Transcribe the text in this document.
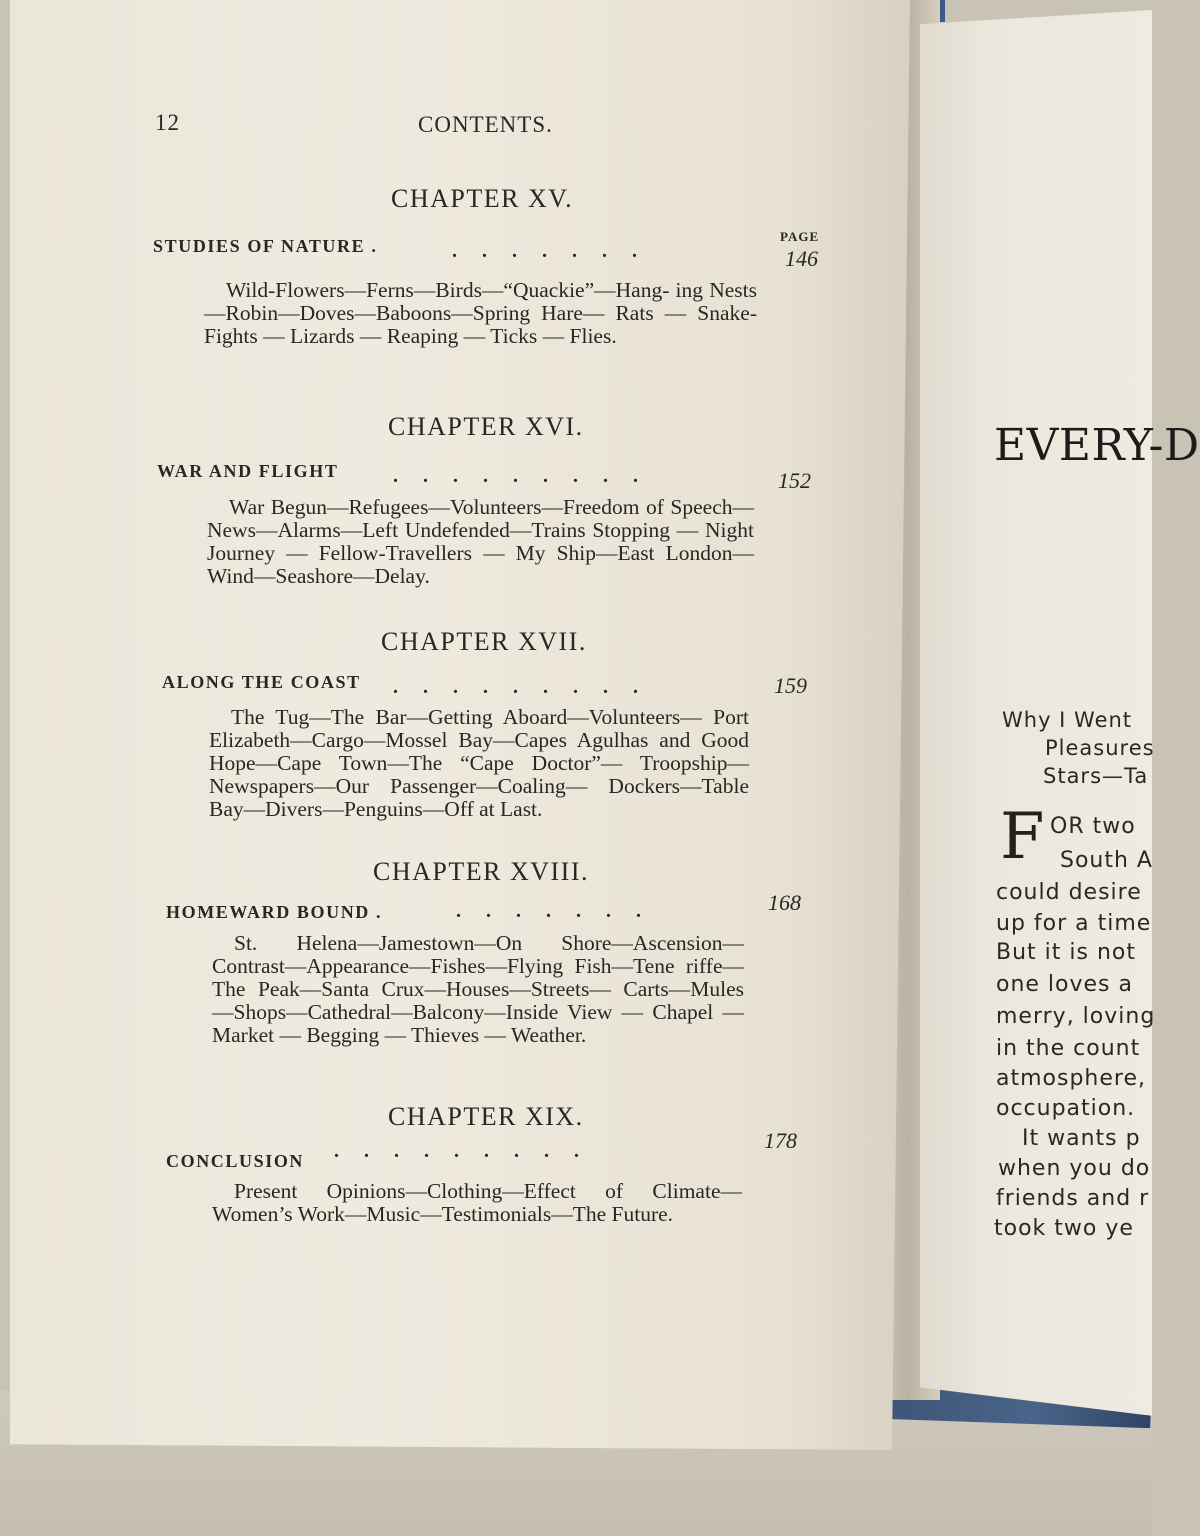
12	CONTENTS.
CHAPTER XV.
PAGE
STUDIES OF NATURE .	.......	146
Wild-Flowers—Ferns—Birds—“Quackie”—Hang- ing Nests—Robin—Doves—Baboons—Spring Hare— Rats — Snake-Fights — Lizards — Reaping — Ticks — Flies.
CHAPTER XVI.
WAR AND FLIGHT	.........	152
War Begun—Refugees—Volunteers—Freedom of Speech—News—Alarms—Left Undefended—Trains Stopping — Night Journey — Fellow-Travellers — My Ship—East London—Wind—Seashore—Delay.
CHAPTER XVII.
ALONG THE COAST .........	159
The Tug—The Bar—Getting Aboard—Volunteers— Port Elizabeth—Cargo—Mossel Bay—Capes Agulhas and Good Hope—Cape Town—The “Cape Doctor”— Troopship—Newspapers—Our Passenger—Coaling— Dockers—Table Bay—Divers—Penguins—Off at Last.
CHAPTER XVIII.
HOMEWARD BOUND .	.......	168
St. Helena—Jamestown—On Shore—Ascension— Contrast—Appearance—Fishes—Flying Fish—Tene riffe—The Peak—Santa Crux—Houses—Streets— Carts—Mules—Shops—Cathedral—Balcony—Inside View — Chapel — Market — Begging — Thieves — Weather.
CHAPTER XIX.
CONCLUSION .........	178
Present Opinions—Clothing—Effect of Climate— Women’s Work—Music—Testimonials—The Future.
EVERY-D
Why I Went
Pleasures
Stars—Ta
F OR two
South A
could desire
up for a time
But it is not
one loves a
merry, loving
in the count
atmosphere,
occupation.
It wants p
when you do
friends and r
took two ye
